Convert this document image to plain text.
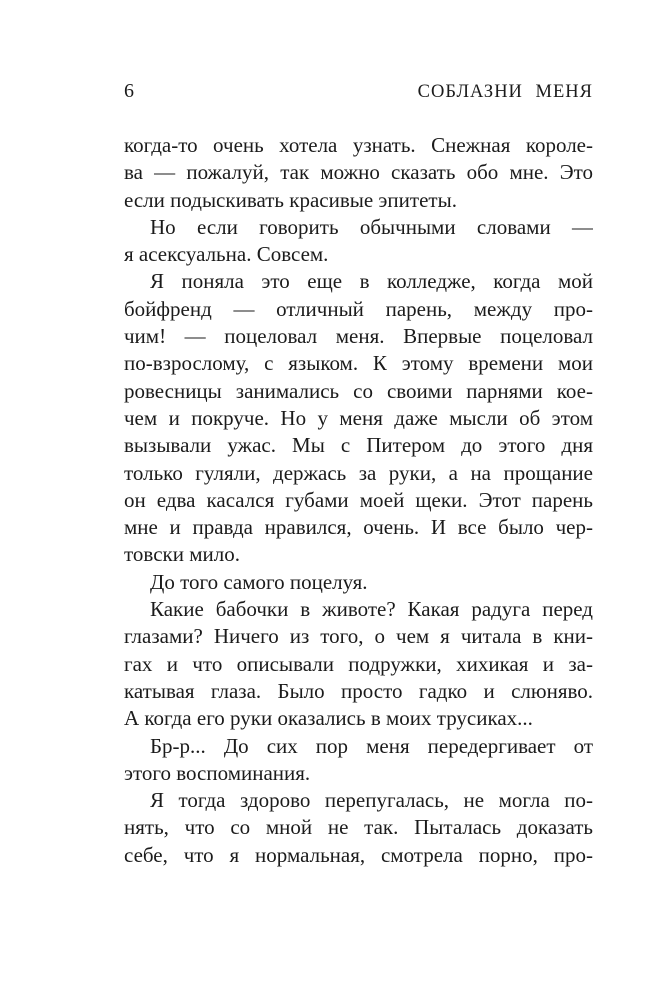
6	СОБЛАЗНИ МЕНЯ
когда-то очень хотела узнать. Снежная короле-
ва — пожалуй, так можно сказать обо мне. Это
если подыскивать красивые эпитеты.
Но если говорить обычными словами —
я асексуальна. Совсем.
Я поняла это еще в колледже, когда мой
бойфренд — отличный парень, между про-
чим! — поцеловал меня. Впервые поцеловал
по-взрослому, с языком. К этому времени мои
ровесницы занимались со своими парнями кое-
чем и покруче. Но у меня даже мысли об этом
вызывали ужас. Мы с Питером до этого дня
только гуляли, держась за руки, а на прощание
он едва касался губами моей щеки. Этот парень
мне и правда нравился, очень. И все было чер-
товски мило.
До того самого поцелуя.
Какие бабочки в животе? Какая радуга перед
глазами? Ничего из того, о чем я читала в кни-
гах и что описывали подружки, хихикая и за-
катывая глаза. Было просто гадко и слюняво.
А когда его руки оказались в моих трусиках...
Бр-р... До сих пор меня передергивает от
этого воспоминания.
Я тогда здорово перепугалась, не могла по-
нять, что со мной не так. Пыталась доказать
себе, что я нормальная, смотрела порно, про-
